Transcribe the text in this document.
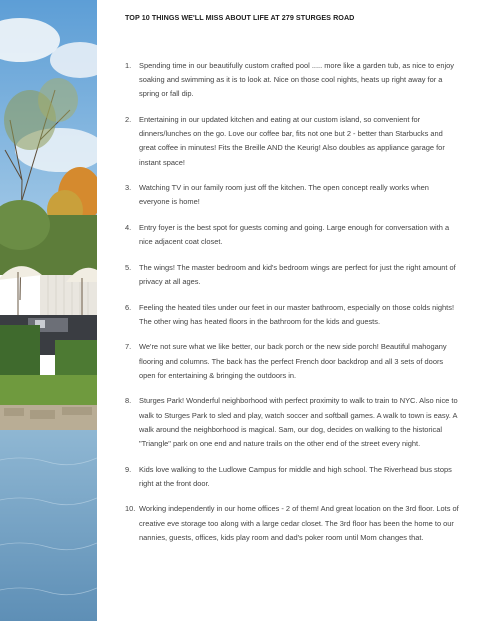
TOP 10 THINGS WE'LL MISS ABOUT LIFE AT 279 STURGES ROAD
1. Spending time in our beautifully custom crafted pool ..... more like a garden tub, as nice to enjoy soaking and swimming as it is to look at. Nice on those cool nights, heats up right away for a spring or fall dip.
2. Entertaining in our updated kitchen and eating at our custom island, so convenient for dinners/lunches on the go. Love our coffee bar, fits not one but 2 - better than Starbucks and great coffee in minutes! Fits the Breille AND the Keurig! Also doubles as appliance garage for instant space!
3. Watching TV in our family room just off the kitchen. The open concept really works when everyone is home!
4. Entry foyer is the best spot for guests coming and going. Large enough for conversation with a nice adjacent coat closet.
5. The wings! The master bedroom and kid's bedroom wings are perfect for just the right amount of privacy at all ages.
6. Feeling the heated tiles under our feet in our master bathroom, especially on those colds nights! The other wing has heated floors in the bathroom for the kids and guests.
7. We're not sure what we like better, our back porch or the new side porch! Beautiful mahogany flooring and columns. The back has the perfect French door backdrop and all 3 sets of doors open for entertaining & bringing the outdoors in.
8. Sturges Park! Wonderful neighborhood with perfect proximity to walk to train to NYC. Also nice to walk to Sturges Park to sled and play, watch soccer and softball games. A walk to town is easy. A walk around the neighborhood is magical. Sam, our dog, decides on walking to the historical "Triangle" park on one end and nature trails on the other end of the street every night.
9. Kids love walking to the Ludlowe Campus for middle and high school. The Riverhead bus stops right at the front door.
10. Working independently in our home offices - 2 of them! And great location on the 3rd floor. Lots of creative eve storage too along with a large cedar closet. The 3rd floor has been the home to our nannies, guests, offices, kids play room and dad's poker room until Mom changes that.
